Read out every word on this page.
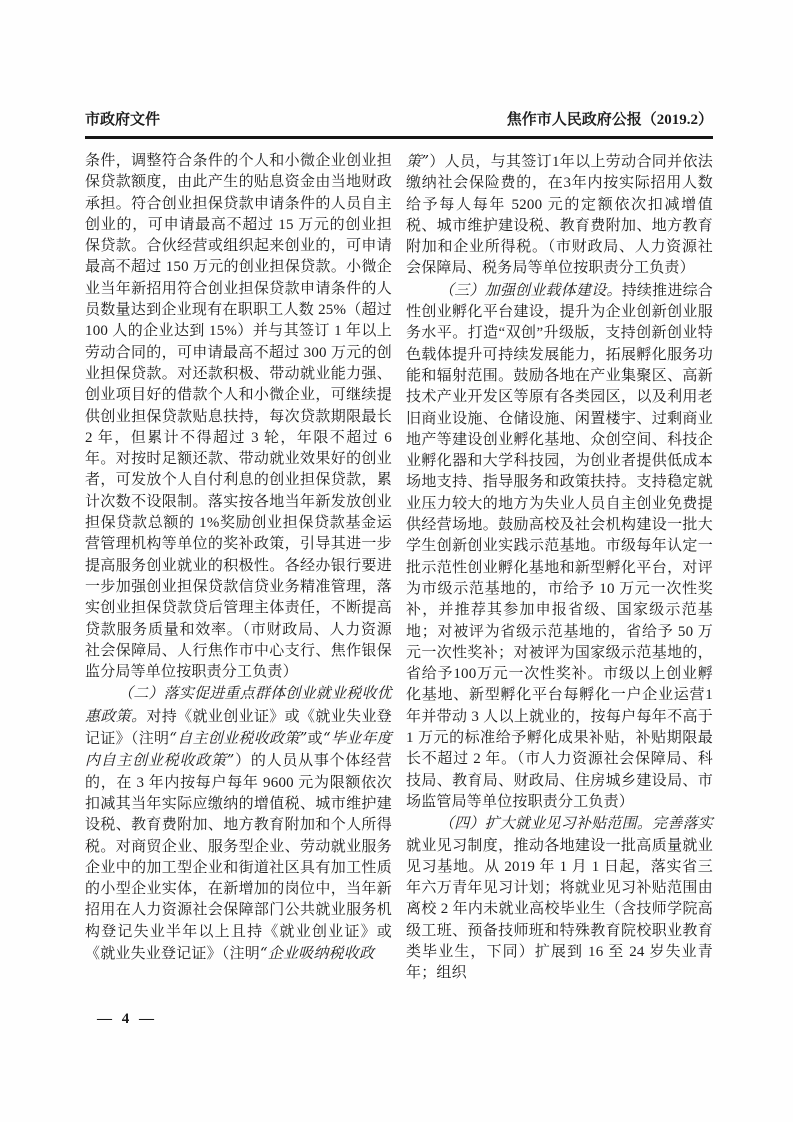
市政府文件	焦作市人民政府公报（2019.2）

条件，调整符合条件的个人和小微企业创业担保贷款额度，由此产生的贴息资金由当地财政承担。符合创业担保贷款申请条件的人员自主创业的，可申请最高不超过 15 万元的创业担保贷款。合伙经营或组织起来创业的，可申请最高不超过 150 万元的创业担保贷款。小微企业当年新招用符合创业担保贷款申请条件的人员数量达到企业现有在职职工人数 25%（超过 100 人的企业达到 15%）并与其签订 1 年以上劳动合同的，可申请最高不超过 300 万元的创业担保贷款。对还款积极、带动就业能力强、创业项目好的借款个人和小微企业，可继续提供创业担保贷款贴息扶持，每次贷款期限最长 2 年，但累计不得超过 3 轮，年限不超过 6 年。对按时足额还款、带动就业效果好的创业者，可发放个人自付利息的创业担保贷款，累计次数不设限制。落实按各地当年新发放创业担保贷款总额的 1%奖励创业担保贷款基金运营管理机构等单位的奖补政策，引导其进一步提高服务创业就业的积极性。各经办银行要进一步加强创业担保贷款信贷业务精准管理，落实创业担保贷款贷后管理主体责任，不断提高贷款服务质量和效率。（市财政局、人力资源社会保障局、人行焦作市中心支行、焦作银保监分局等单位按职责分工负责）

（二）落实促进重点群体创业就业税收优惠政策。对持《就业创业证》或《就业失业登记证》（注明“自主创业税收政策”或“毕业年度内自主创业税收政策”）的人员从事个体经营的，在 3 年内按每户每年 9600 元为限额依次扣减其当年实际应缴纳的增值税、城市维护建设税、教育费附加、地方教育附加和个人所得税。对商贸企业、服务型企业、劳动就业服务企业中的加工型企业和街道社区具有加工性质的小型企业实体，在新增加的岗位中，当年新招用在人力资源社会保障部门公共就业服务机构登记失业半年以上且持《就业创业证》或《就业失业登记证》（注明“企业吸纳税收政

策”）人员，与其签订1年以上劳动合同并依法缴纳社会保险费的，在3年内按实际招用人数给予每人每年 5200 元的定额依次扣减增值税、城市维护建设税、教育费附加、地方教育附加和企业所得税。（市财政局、人力资源社会保障局、税务局等单位按职责分工负责）

（三）加强创业载体建设。持续推进综合性创业孵化平台建设，提升为企业创新创业服务水平。打造“双创”升级版，支持创新创业特色载体提升可持续发展能力，拓展孵化服务功能和辐射范围。鼓励各地在产业集聚区、高新技术产业开发区等原有各类园区，以及利用老旧商业设施、仓储设施、闲置楼宇、过剩商业地产等建设创业孵化基地、众创空间、科技企业孵化器和大学科技园，为创业者提供低成本场地支持、指导服务和政策扶持。支持稳定就业压力较大的地方为失业人员自主创业免费提供经营场地。鼓励高校及社会机构建设一批大学生创新创业实践示范基地。市级每年认定一批示范性创业孵化基地和新型孵化平台，对评为市级示范基地的，市给予 10 万元一次性奖补，并推荐其参加申报省级、国家级示范基地；对被评为省级示范基地的，省给予 50 万元一次性奖补；对被评为国家级示范基地的，省给予100万元一次性奖补。市级以上创业孵化基地、新型孵化平台每孵化一户企业运营1年并带动 3 人以上就业的，按每户每年不高于 1 万元的标准给予孵化成果补贴，补贴期限最长不超过 2 年。（市人力资源社会保障局、科技局、教育局、财政局、住房城乡建设局、市场监管局等单位按职责分工负责）

（四）扩大就业见习补贴范围。完善落实就业见习制度，推动各地建设一批高质量就业见习基地。从 2019 年 1 月 1 日起，落实省三年六万青年见习计划；将就业见习补贴范围由离校 2 年内未就业高校毕业生（含技师学院高级工班、预备技师班和特殊教育院校职业教育类毕业生，下同）扩展到 16 至 24 岁失业青年；组织

— 4 —
